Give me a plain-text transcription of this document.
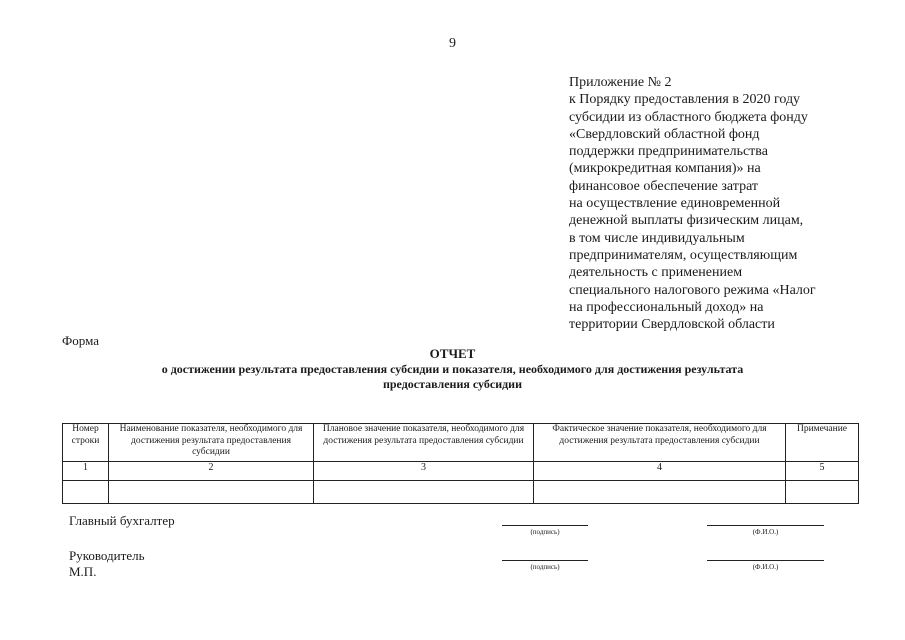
9
Приложение № 2
к Порядку предоставления в 2020 году
субсидии из областного бюджета фонду
«Свердловский областной фонд
поддержки предпринимательства
(микрокредитная компания)» на
финансовое обеспечение затрат
на осуществление единовременной
денежной выплаты физическим лицам,
в том числе индивидуальным
предпринимателям, осуществляющим
деятельность с применением
специального налогового режима «Налог
на профессиональный доход» на
территории Свердловской области
Форма
ОТЧЕТ
о достижении результата предоставления субсидии и показателя, необходимого для достижения результата предоставления субсидии
Номер строки	Наименование показателя, необходимого для достижения результата предоставления субсидии	Плановое значение показателя, необходимого для достижения результата предоставления субсидии	Фактическое значение показателя, необходимого для достижения результата предоставления субсидии	Примечание
1	2	3	4	5

Главный бухгалтер
(подпись)	(Ф.И.О.)
Руководитель
М.П.	(подпись)	(Ф.И.О.)
